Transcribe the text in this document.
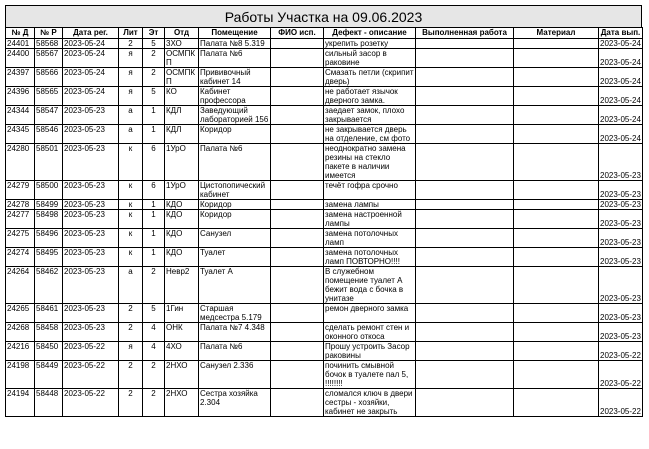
Работы Участка на 09.06.2023
№ Д	№ Р	Дата рег.	Лит	Эт	Отд	Помещение	ФИО исп.	Дефект - описание	Выполненная работа	Материал	Дата вып.
24401	58568	2023-05-24	2	5	3ХО	Палата №8 5.319		укрепить розетку			2023-05-24
24400	58567	2023-05-24	я	2	ОСМПК П	Палата №6		сильный засор в раковине			2023-05-24
24397	58566	2023-05-24	я	2	ОСМПК П	Прививочный кабинет 14		Смазать петли (скрипит дверь)			2023-05-24
24396	58565	2023-05-24	я	5	КО	Кабинет профессора		не работает язычок дверного замка.			2023-05-24
24344	58547	2023-05-23	а	1	КДЛ	Заведующий лабораторией 156		заедает замок, плохо закрывается			2023-05-24
24345	58546	2023-05-23	а	1	КДЛ	Коридор		не закрывается дверь на отделение, см фото			2023-05-24
24280	58501	2023-05-23	к	6	1УрО	Палата №6		неоднократно замена резины на стекло пакете в наличии имеется			2023-05-23
24279	58500	2023-05-23	к	6	1УрО	Цистопопический кабинет		течёт гофра срочно			2023-05-23
24278	58499	2023-05-23	к	1	КДО	Коридор		замена лампы			2023-05-23
24277	58498	2023-05-23	к	1	КДО	Коридор		замена настроенной лампы			2023-05-23
24275	58496	2023-05-23	к	1	КДО	Санузел		замена потолочных ламп			2023-05-23
24274	58495	2023-05-23	к	1	КДО	Туалет		замена потолочных ламп ПОВТОРНО!!!!			2023-05-23
24264	58462	2023-05-23	а	2	Невр2	Туалет А		В служебном помещение туалет А бежит вода с бочка в унитазе			2023-05-23
24265	58461	2023-05-23	2	5	1Гин	Старшая медсестра 5.179		ремон дверного замка			2023-05-23
24268	58458	2023-05-23	2	4	ОНК	Палата №7 4.348		сделать ремонт стен и оконного откоса			2023-05-23
24216	58450	2023-05-22	я	4	4ХО	Палата №6		Прошу устроить Засор раковины			2023-05-22
24198	58449	2023-05-22	2	2	2НХО	Санузел 2.336		починить смывной бочок в туалете пал 5, !!!!!!!!			2023-05-22
24194	58448	2023-05-22	2	2	2НХО	Сестра хозяйка 2.304		сломался ключ в двери сестры - хозяйки, кабинет не закрыть			2023-05-22
